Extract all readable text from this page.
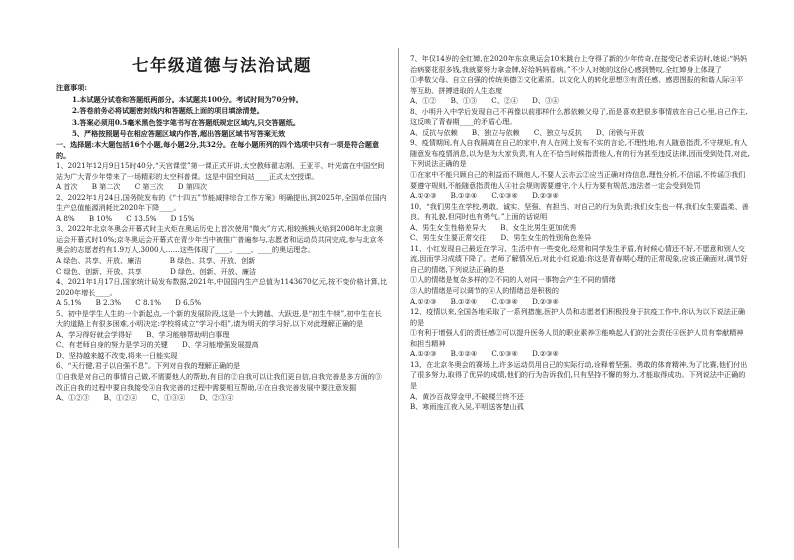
七年级道德与法治试题

注意事项:

1.本试题分试卷和答题纸两部分。本试题共100分。考试时间为70分钟。

2.答卷前务必将试题密封线内和答题纸上面的项目填涂清楚。

3.答案必须用0.5毫米黑色签字笔书写在答题纸规定区域内,只交答题纸。

5、严格按照题号在相应答题区域内作答,超出答题区域书写答案无效

一、选择题:本大题包括16个小题,每小题2分,共32分。在每小题所列的四个选项中只有一项是符合题意的。

1、2021年12月9日15时40分,“天宫课堂”第一课正式开讲,太空教师翟志刚、王亚平、叶光富在中国空间站为广大青少年带来了一场精彩的太空科普课。这是中国空间站____正式太空授课。

A 首次　　B 第二次　　C 第三次　　D 第四次

2、2022年1月24日,国务院发布的《“十四五”节能减排综合工作方案》明确提出,到2025年,全国单位国内生产总值能源消耗比2020年下降____。

A 8%　　B 10%　　C 13.5%　　D 15%

3、2022年北京冬奥会开幕式时主火炬在奥运历史上首次使用“微火”方式,相较熊熊火焰到2008年北京奥运会开幕式时10%;京冬奥运会开幕式在青少年当中被推广普遍参与,志愿者和运动员共同完成,参与北京冬奥会的志愿者约有1.9万人,3000人……这些体现了____、____、____的奥运理念。

A 绿色、共享、开放、廉洁　　　　B 绿色、共享、开放、创新

C 绿色、创新、开放、共享　　　　D 绿色、创新、开放、廉洁

4、2021年1月17日,国家统计局发布数据,2021年,中国国内生产总值为1143670亿元,按不变价格计算,比2020年增长____。

A 5.1%　　B 2.3%　　C 8.1%　　D 6.5%

5、初中是学生人生的一个新起点,一个新的发展阶段,这是一个大跨越、大跃进,是“初生牛犊”,初中生在长大的道路上有很多困难,小明决定:学校将成立“学习小组”,请为明天的学习好,以下对此理解正确的是

A、学习得好就会学得好　　B、学习能够帮助明白事理

C、有老师自身的努力是学习的关键　　D、学习能增强发展提高

D、坚持越来越不改变,将来一日能实现

6、“天行健,君子以自强不息”。下列对自我的理解正确的是

①自我是对自己的事情自己做,不需要他人的帮助,有目的②自我可以让我们更自信,自我完善是多方面的③改正自我的过程中要自我接受④自我完善的过程中需要相互帮助,④在自我完善发展中要注意发掘

A、①②③　　B、①②④　　C、①③④　　D、②③④

7、年仅14岁的全红婵,在2020年东京奥运会10米跳台上夺得了新的少年传奇,在接受记者采访时,她说:“妈妈治病要花很多钱,我就要努力拿金牌,好给妈妈看病。”不少人对她的这份心感到赞叹,全红婵身上体现了

①孝敬父母、自立自强的传统美德②文化素质、以文化人的转化思想③有责任感、感恩图报的和谐人际④平等互助、拼搏进取的人生态度

A、①②　　B、①③　　C、②④　　D、③④

8、小明升入中学后发现自己不再像以前那样什么都依赖父母了,而是喜欢把很多事情放在自己心里,自己作主,这反映了青春期____的矛盾心理。

A、反抗与依赖　　B、独立与依赖　　C、独立与反抗　　D、闭锁与开放

9、疫情期间,有人自我隔离在自己的家中,有人在网上发布不实的言论,不理性地,有人随意指责,不守规矩,有人随意发布疫情消息,以为是为大家负责,有人在不恰当时候指责他人,有的行为甚至违反法律,因而受到处罚,对此,下列说法正确的是

①在家中不能只顾自己的利益而不顾他人,不要人云亦云②应当正确对待信息,理性分析,不信谣,不传谣③我们要遵守规则,不能随意指责他人④社会规则需要遵守,个人行为要有规范,违法者一定会受到处罚

A.①②③　　B.①②④　　C.①③④　　D.②③④

10、“我们男生在学校,勇敢、诚实、坚强、有担当、对自己的行为负责;我们女生也一样,我们女生要温柔、善良、有礼貌,但同时也有勇气。”上面的话说明

A、男生女生性格差异大　　B、女生比男生更加优秀

C、男生女生要正常交往　　D、男生女生的性别角色差异

11、小红发现自己最近在学习、生活中有一些变化,经常和同学发生矛盾,有时候心情还不好,不愿意和别人交流,因而学习成绩下降了。老师了解情况后,对此小红说道:你这是青春期心理的正常现象,应该正确面对,调节好自己的情绪,下列说法正确的是

①人的情绪是复杂多样的②不同的人对同一事物会产生不同的情绪

③人的情绪是可以调节的④人的情绪总是积极的

A.①②③　　B.①②④　　C.①③④　　D.②③④

12、疫情以来,全国各地采取了一系列措施,医护人员和志愿者们积极投身于抗疫工作中,你认为以下说法正确的是

①有利于增强人们的责任感②可以提升医务人员的职业素养③能唤起人们的社会责任④医护人员有奉献精神和担当精神

A.①②③　　B.①②④　　C.①③④　　D.②③④

13、在北京冬奥会的赛场上,许多运动员用自己的实际行动,诠释着坚强、勇敢的体育精神,为了比赛,他们付出了很多努力,取得了优异的成绩,他们的行为告诉我们,只有坚持不懈的努力,才能取得成功。下列说法中正确的是

A、黄沙百战穿金甲,不破楼兰终不还

B、寒雨连江夜入吴,平明送客楚山孤
